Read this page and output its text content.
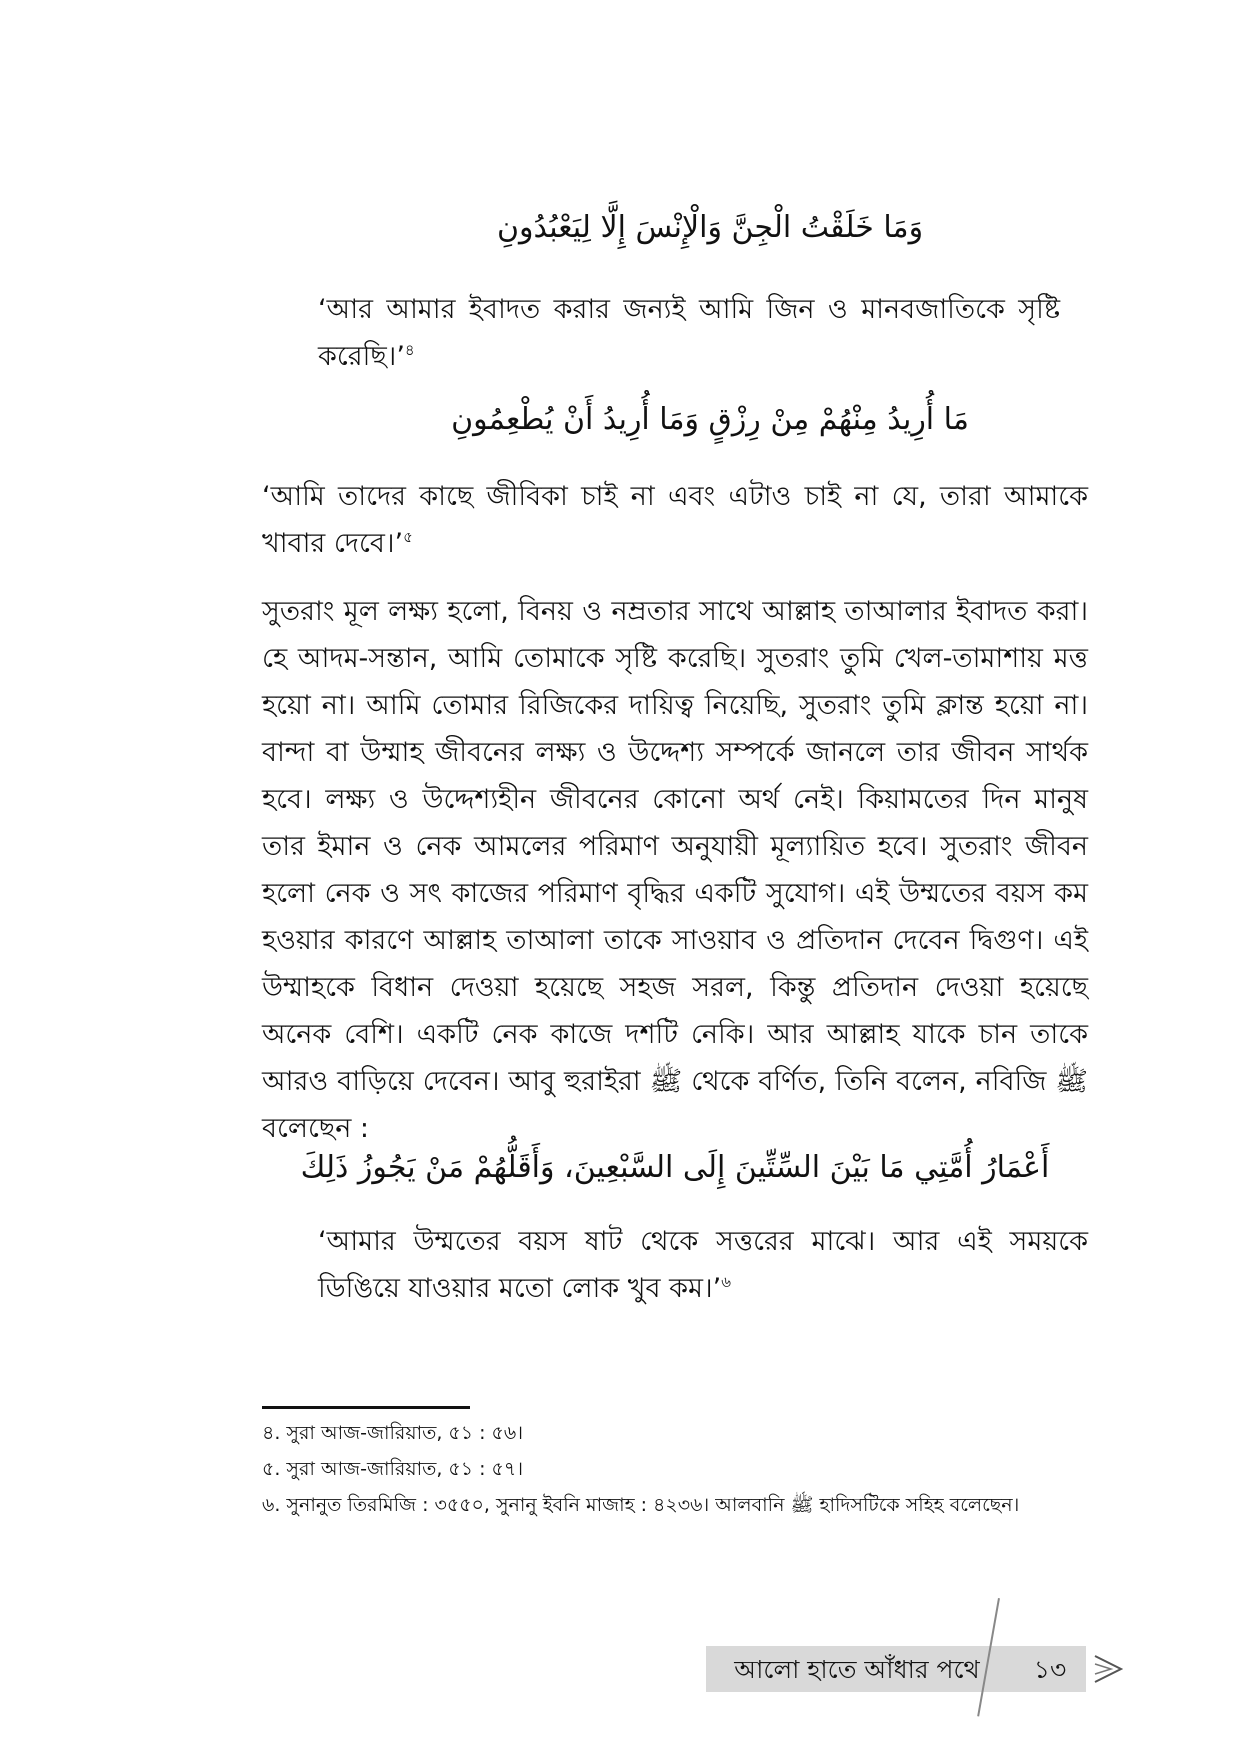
وَمَا خَلَقْتُ الْجِنَّ وَالْإِنْسَ إِلَّا لِيَعْبُدُونِ

‘আর আমার ইবাদত করার জন্যই আমি জিন ও মানবজাতিকে সৃষ্টি করেছি।’$^৪$

مَا أُرِيدُ مِنْهُمْ مِنْ رِزْقٍ وَمَا أُرِيدُ أَنْ يُطْعِمُونِ

‘আমি তাদের কাছে জীবিকা চাই না এবং এটাও চাই না যে, তারা আমাকে খাবার দেবে।’$^৫$

সুতরাং মূল লক্ষ্য হলো, বিনয় ও নম্রতার সাথে আল্লাহ তাআলার ইবাদত করা। হে আদম-সন্তান, আমি তোমাকে সৃষ্টি করেছি। সুতরাং তুমি খেল-তামাশায় মত্ত হয়ো না। আমি তোমার রিজিকের দায়িত্ব নিয়েছি, সুতরাং তুমি ক্লান্ত হয়ো না। বান্দা বা উম্মাহ জীবনের লক্ষ্য ও উদ্দেশ্য সম্পর্কে জানলে তার জীবন সার্থক হবে। লক্ষ্য ও উদ্দেশ্যহীন জীবনের কোনো অর্থ নেই। কিয়ামতের দিন মানুষ তার ইমান ও নেক আমলের পরিমাণ অনুযায়ী মূল্যায়িত হবে। সুতরাং জীবন হলো নেক ও সৎ কাজের পরিমাণ বৃদ্ধির একটি সুযোগ। এই উম্মতের বয়স কম হওয়ার কারণে আল্লাহ তাআলা তাকে সাওয়াব ও প্রতিদান দেবেন দ্বিগুণ। এই উম্মাহকে বিধান দেওয়া হয়েছে সহজ সরল, কিন্তু প্রতিদান দেওয়া হয়েছে অনেক বেশি। একটি নেক কাজে দশটি নেকি। আর আল্লাহ যাকে চান তাকে আরও বাড়িয়ে দেবেন। আবু হুরাইরা ﷺ থেকে বর্ণিত, তিনি বলেন, নবিজি ﷺ বলেছেন :

أَعْمَارُ أُمَّتِي مَا بَيْنَ السِّتِّينَ إِلَى السَّبْعِينَ، وَأَقَلُّهُمْ مَنْ يَجُوزُ ذَلِكَ

‘আমার উম্মতের বয়স ষাট থেকে সত্তরের মাঝে। আর এই সময়কে ডিঙিয়ে যাওয়ার মতো লোক খুব কম।’$^৬$

৪. সুরা আজ-জারিয়াত, ৫১ : ৫৬।

৫. সুরা আজ-জারিয়াত, ৫১ : ৫৭।

৬. সুনানুত তিরমিজি : ৩৫৫০, সুনানু ইবনি মাজাহ : ৪২৩৬। আলবানি ﷺ হাদিসটিকে সহিহ বলেছেন।

আলো হাতে আঁধার পথে	১৩
